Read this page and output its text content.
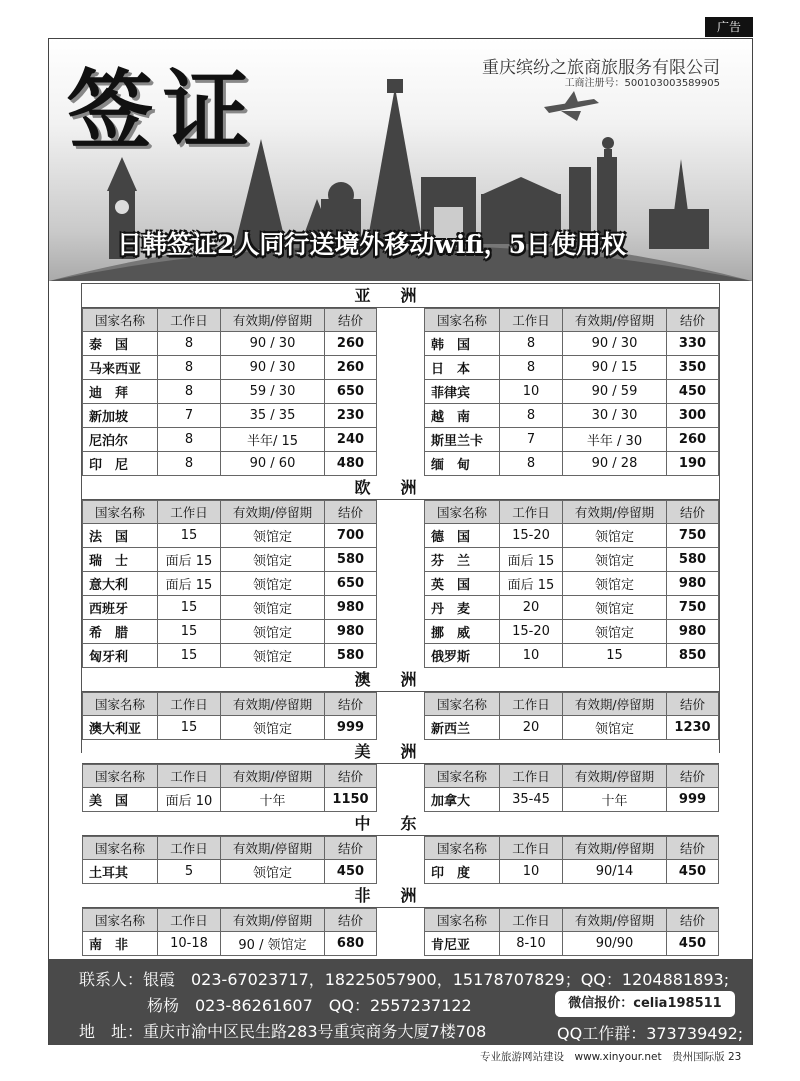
广告
签证	重庆缤纷之旅商旅服务有限公司
工商注册号：500103003589905
日韩签证2人同行送境外移动wifi，5日使用权
亚洲
国家名称	工作日	有效期/停留期	结价
泰　国	8	90 / 30	260
马来西亚	8	90 / 30	260
迪　拜	8	59 / 30	650
新加坡	7	35 / 35	230
尼泊尔	8	半年/ 15	240
印　尼	8	90 / 60	480
国家名称	工作日	有效期/停留期	结价
韩　国	8	90 / 30	330
日　本	8	90 / 15	350
菲律宾	10	90 / 59	450
越　南	8	30 / 30	300
斯里兰卡	7	半年 / 30	260
缅　甸	8	90 / 28	190
欧洲
国家名称	工作日	有效期/停留期	结价
法　国	15	领馆定	700
瑞　士	面后 15	领馆定	580
意大利	面后 15	领馆定	650
西班牙	15	领馆定	980
希　腊	15	领馆定	980
匈牙利	15	领馆定	580
国家名称	工作日	有效期/停留期	结价
德　国	15-20	领馆定	750
芬　兰	面后 15	领馆定	580
英　国	面后 15	领馆定	980
丹　麦	20	领馆定	750
挪　威	15-20	领馆定	980
俄罗斯	10	15	850
澳洲
国家名称	工作日	有效期/停留期	结价
澳大利亚	15	领馆定	999
国家名称	工作日	有效期/停留期	结价
新西兰	20	领馆定	1230
美洲
国家名称	工作日	有效期/停留期	结价
美　国	面后 10	十年	1150
国家名称	工作日	有效期/停留期	结价
加拿大	35-45	十年	999
中东
国家名称	工作日	有效期/停留期	结价
土耳其	5	领馆定	450
国家名称	工作日	有效期/停留期	结价
印　度	10	90/14	450
非洲
国家名称	工作日	有效期/停留期	结价
南　非	10-18	90 / 领馆定	680
国家名称	工作日	有效期/停留期	结价
肯尼亚	8-10	90/90	450
联系人：银霞　023-67023717，18225057900，15178707829；QQ：1204881893;
杨杨　023-86261607　QQ：2557237122
地　址：重庆市渝中区民生路283号重宾商务大厦7楼708
微信报价：celia198511
QQ工作群：373739492;
专业旅游网站建设　www.xinyour.net　贵州国际版 23
